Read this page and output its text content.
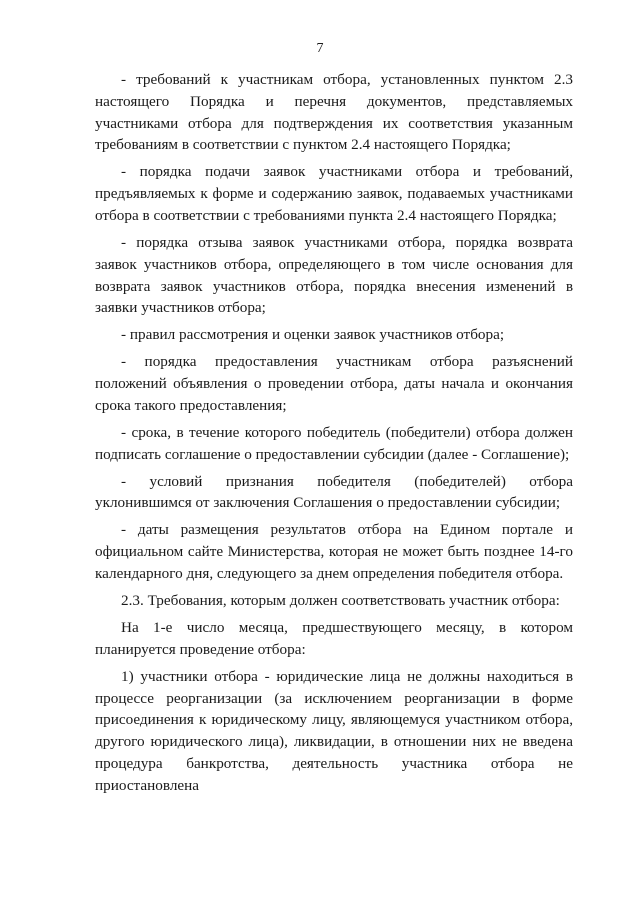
7

- требований к участникам отбора, установленных пунктом 2.3 настоящего Порядка и перечня документов, представляемых участниками отбора для подтверждения их соответствия указанным требованиям в соответствии с пунктом 2.4 настоящего Порядка;

- порядка подачи заявок участниками отбора и требований, предъявляемых к форме и содержанию заявок, подаваемых участниками отбора в соответствии с требованиями пункта 2.4 настоящего Порядка;

- порядка отзыва заявок участниками отбора, порядка возврата заявок участников отбора, определяющего в том числе основания для возврата заявок участников отбора, порядка внесения изменений в заявки участников отбора;

- правил рассмотрения и оценки заявок участников отбора;

- порядка предоставления участникам отбора разъяснений положений объявления о проведении отбора, даты начала и окончания срока такого предоставления;

- срока, в течение которого победитель (победители) отбора должен подписать соглашение о предоставлении субсидии (далее - Соглашение);

- условий признания победителя (победителей) отбора уклонившимся от заключения Соглашения о предоставлении субсидии;

- даты размещения результатов отбора на Едином портале и официальном сайте Министерства, которая не может быть позднее 14-го календарного дня, следующего за днем определения победителя отбора.

2.3. Требования, которым должен соответствовать участник отбора:

На 1-е число месяца, предшествующего месяцу, в котором планируется проведение отбора:

1) участники отбора - юридические лица не должны находиться в процессе реорганизации (за исключением реорганизации в форме присоединения к юридическому лицу, являющемуся участником отбора, другого юридического лица), ликвидации, в отношении них не введена процедура банкротства, деятельность участника отбора не приостановлена
